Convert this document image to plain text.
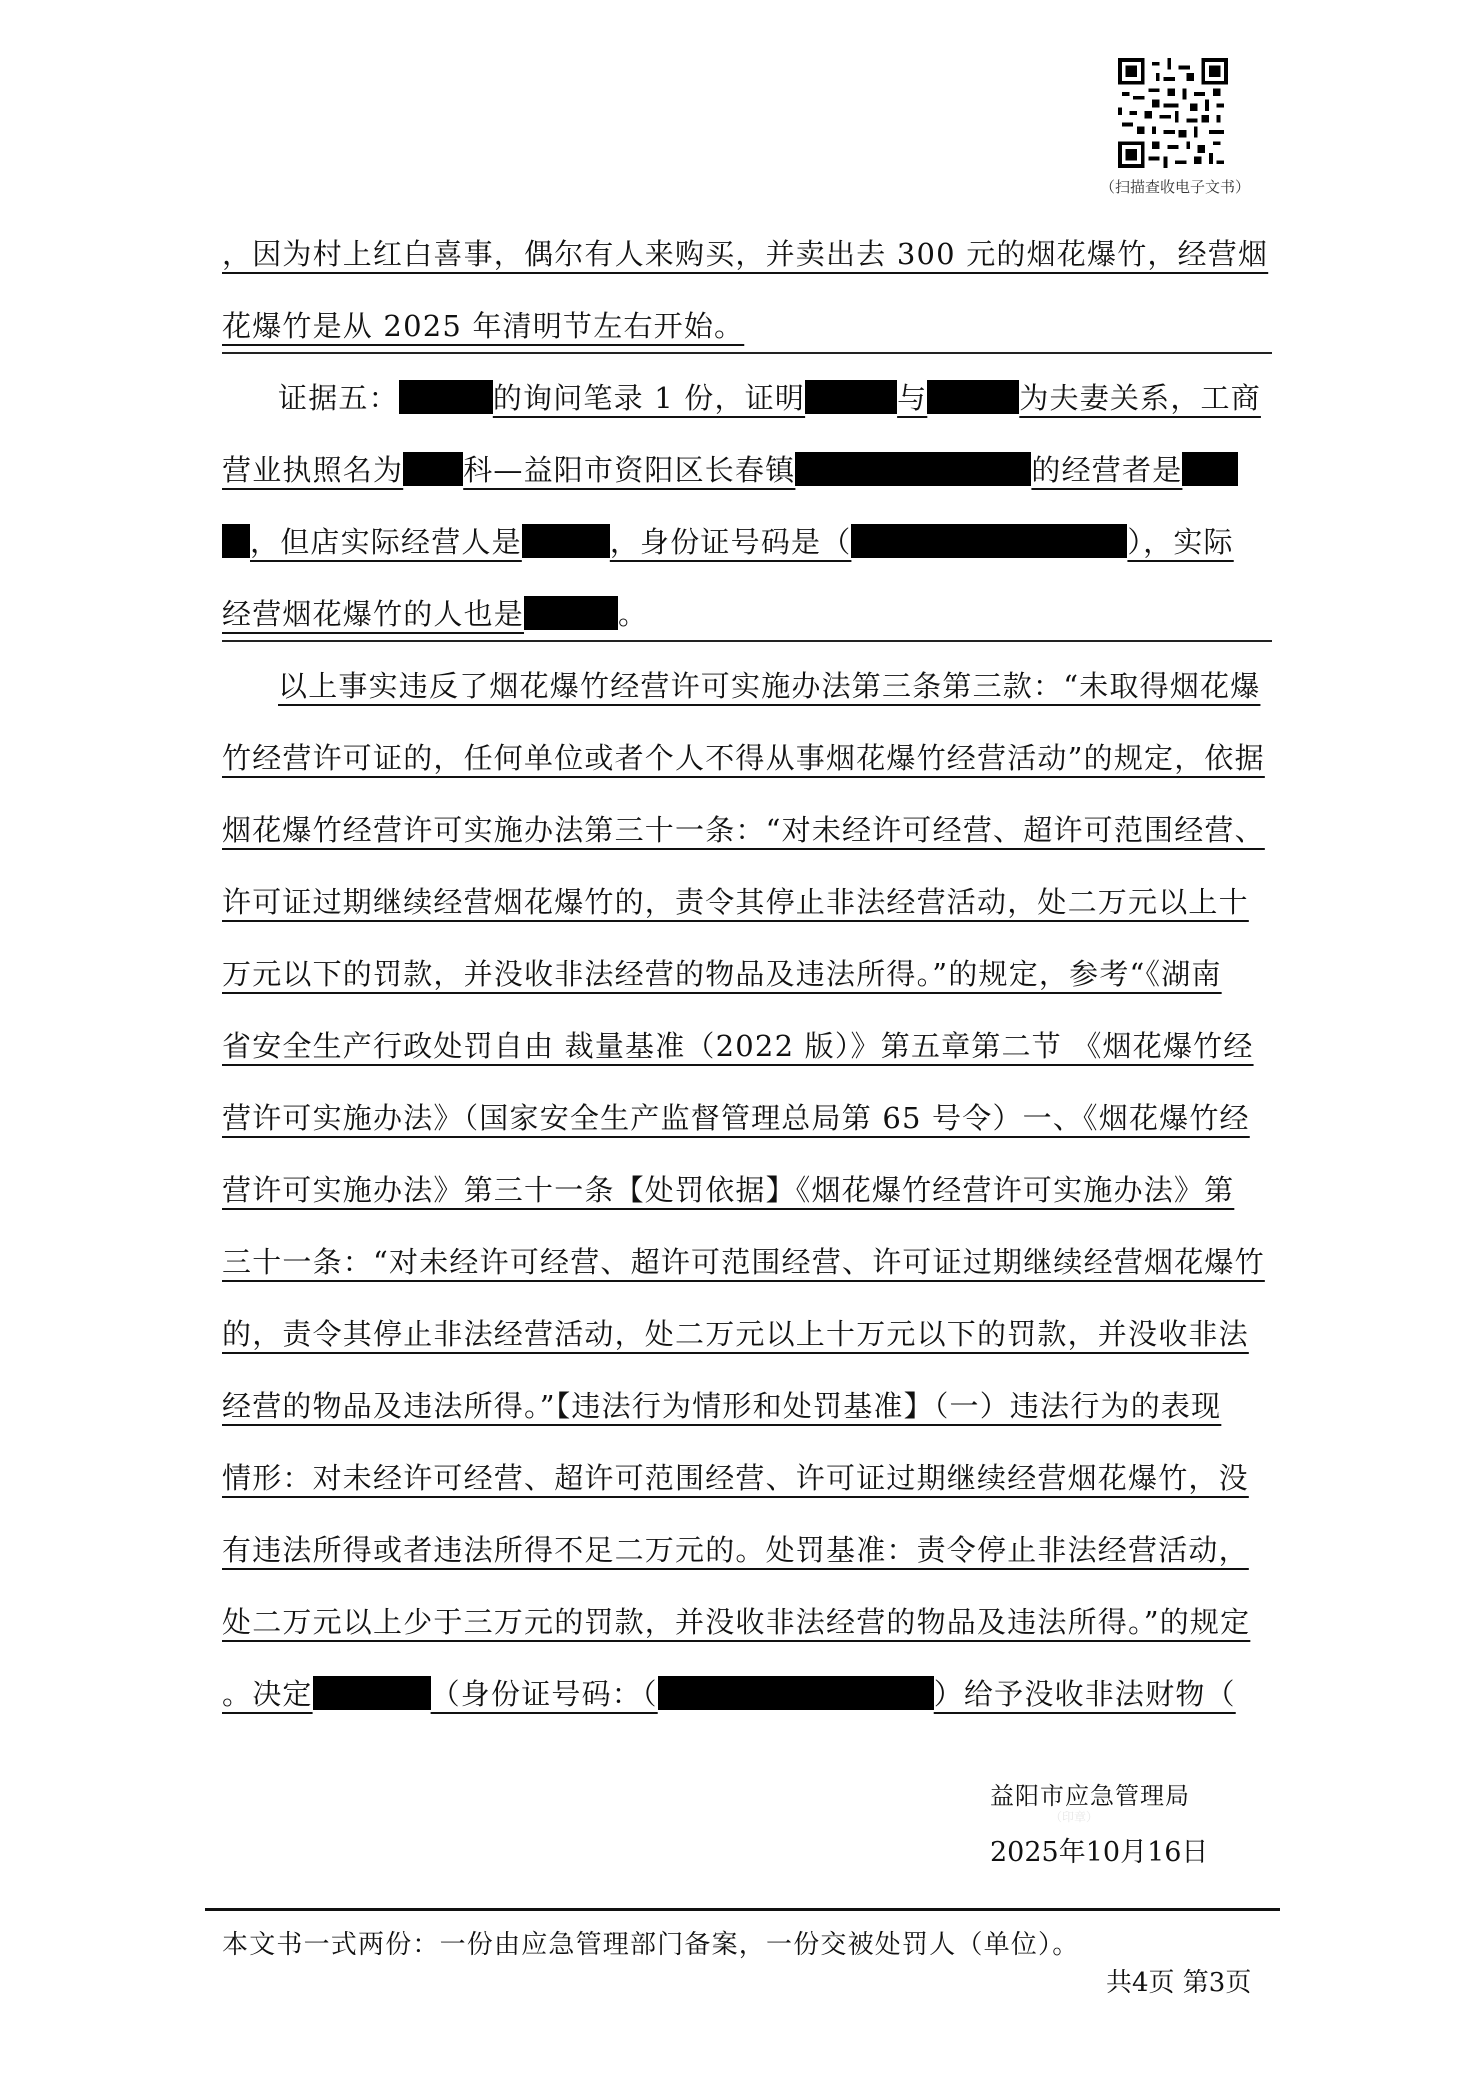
（扫描查收电子文书）
，因为村上红白喜事，偶尔有人来购买，并卖出去 300 元的烟花爆竹，经营烟
花爆竹是从 2025 年清明节左右开始。
证据五：	的询问笔录 1 份，证明	与	为夫妻关系，工商
营业执照名为 科—益阳市资阳区长春镇	的经营者是
，但店实际经营人是	，身份证号码是（	），实际
经营烟花爆竹的人也是	。
以上事实违反了烟花爆竹经营许可实施办法第三条第三款：“未取得烟花爆
竹经营许可证的，任何单位或者个人不得从事烟花爆竹经营活动”的规定，依据
烟花爆竹经营许可实施办法第三十一条：“对未经许可经营、超许可范围经营、
许可证过期继续经营烟花爆竹的，责令其停止非法经营活动，处二万元以上十
万元以下的罚款，并没收非法经营的物品及违法所得。”的规定，参考“《湖南
省安全生产行政处罚自由 裁量基准（2022 版）》第五章第二节 《烟花爆竹经
营许可实施办法》（国家安全生产监督管理总局第 65 号令）一、《烟花爆竹经
营许可实施办法》第三十一条【处罚依据】《烟花爆竹经营许可实施办法》第
三十一条：“对未经许可经营、超许可范围经营、许可证过期继续经营烟花爆竹
的，责令其停止非法经营活动，处二万元以上十万元以下的罚款，并没收非法
经营的物品及违法所得。”【违法行为情形和处罚基准】（一）违法行为的表现
情形：对未经许可经营、超许可范围经营、许可证过期继续经营烟花爆竹，没
有违法所得或者违法所得不足二万元的。处罚基准：责令停止非法经营活动，
处二万元以上少于三万元的罚款，并没收非法经营的物品及违法所得。”的规定
。决定	（身份证号码：（	）给予没收非法财物（
益阳市应急管理局
（印章）
2025年10月16日
本文书一式两份：一份由应急管理部门备案，一份交被处罚人（单位）。
共4页 第3页
